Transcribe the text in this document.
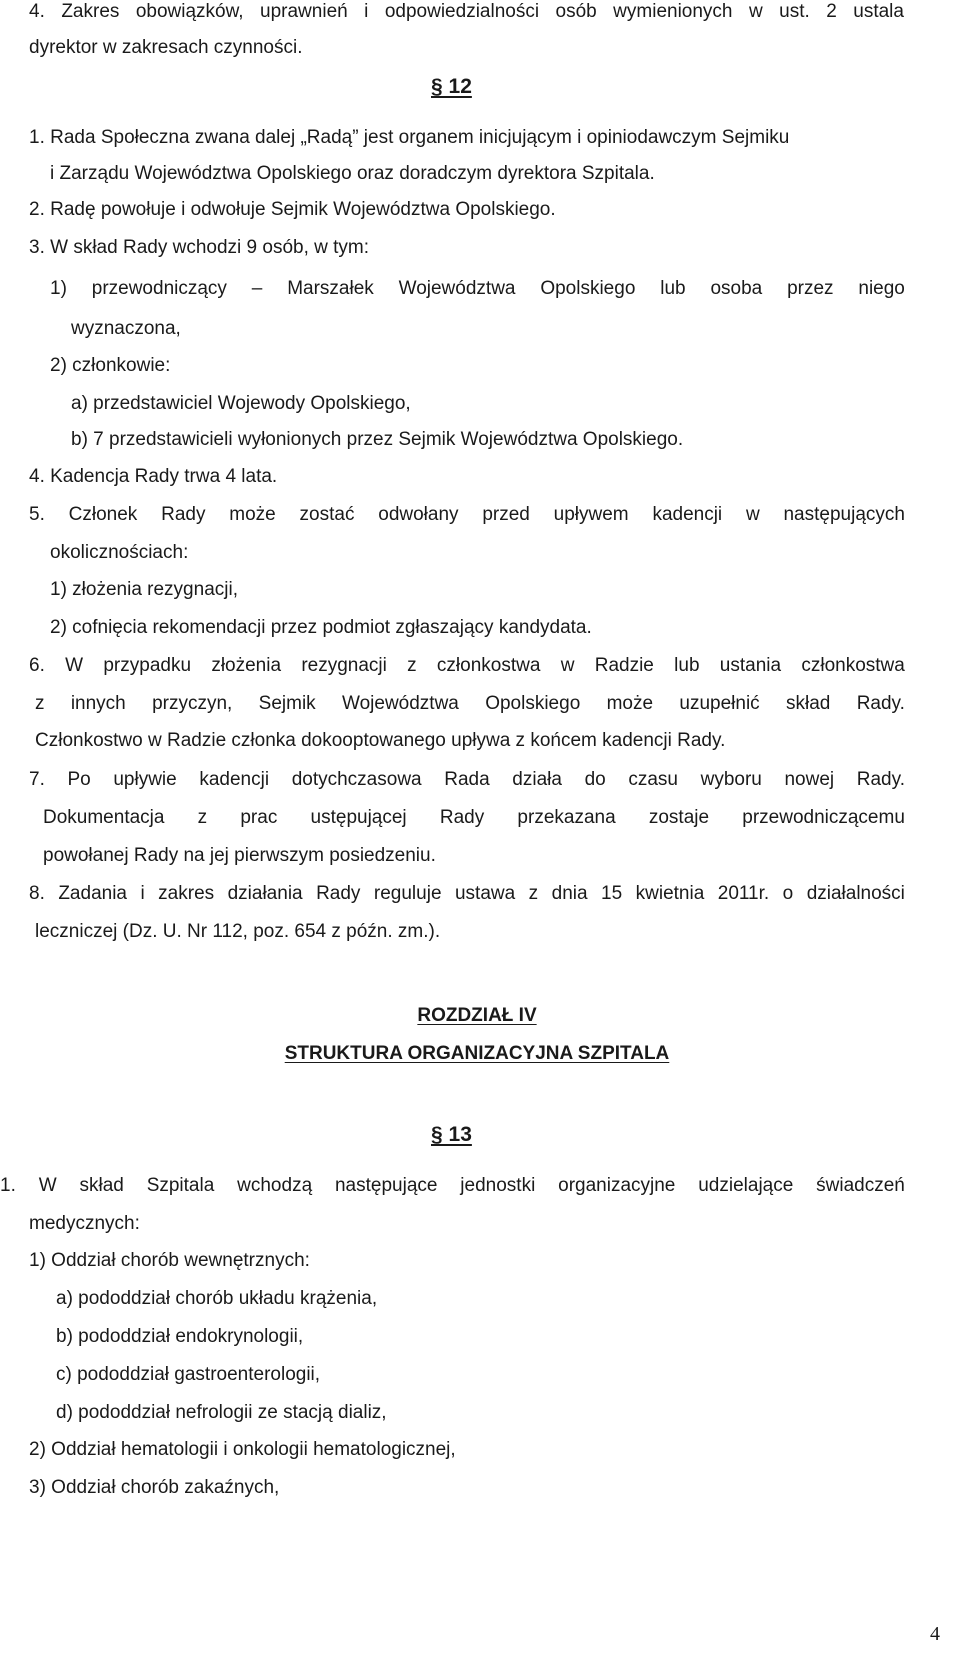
4. Zakres obowiązków, uprawnień i odpowiedzialności osób wymienionych w ust. 2 ustala
dyrektor w zakresach czynności.
§ 12
1. Rada Społeczna zwana dalej „Radą” jest organem inicjującym i opiniodawczym Sejmiku
i Zarządu Województwa Opolskiego oraz doradczym dyrektora Szpitala.
2. Radę powołuje i odwołuje Sejmik Województwa Opolskiego.
3. W skład Rady wchodzi 9 osób, w tym:
1) przewodniczący – Marszałek Województwa Opolskiego lub osoba przez niego
wyznaczona,
2) członkowie:
a) przedstawiciel Wojewody Opolskiego,
b) 7 przedstawicieli wyłonionych przez Sejmik Województwa Opolskiego.
4. Kadencja Rady trwa 4 lata.
5. Członek Rady może zostać odwołany przed upływem kadencji w następujących
okolicznościach:
1) złożenia rezygnacji,
2) cofnięcia rekomendacji przez podmiot zgłaszający kandydata.
6. W przypadku złożenia rezygnacji z członkostwa w Radzie lub ustania członkostwa
z innych przyczyn, Sejmik Województwa Opolskiego może uzupełnić skład Rady.
Członkostwo w Radzie członka dokooptowanego upływa z końcem kadencji Rady.
7. Po upływie kadencji dotychczasowa Rada działa do czasu wyboru nowej Rady.
Dokumentacja z prac ustępującej Rady przekazana zostaje przewodniczącemu
powołanej Rady na jej pierwszym posiedzeniu.
8. Zadania i zakres działania Rady reguluje ustawa z dnia 15 kwietnia 2011r. o działalności
leczniczej (Dz. U. Nr 112, poz. 654 z późn. zm.).
ROZDZIAŁ IV
STRUKTURA ORGANIZACYJNA SZPITALA
§ 13
1. W skład Szpitala wchodzą następujące jednostki organizacyjne udzielające świadczeń
medycznych:
1) Oddział chorób wewnętrznych:
a) pododdział chorób układu krążenia,
b) pododdział endokrynologii,
c) pododdział gastroenterologii,
d) pododdział nefrologii ze stacją dializ,
2) Oddział hematologii i onkologii hematologicznej,
3) Oddział chorób zakaźnych,
4
